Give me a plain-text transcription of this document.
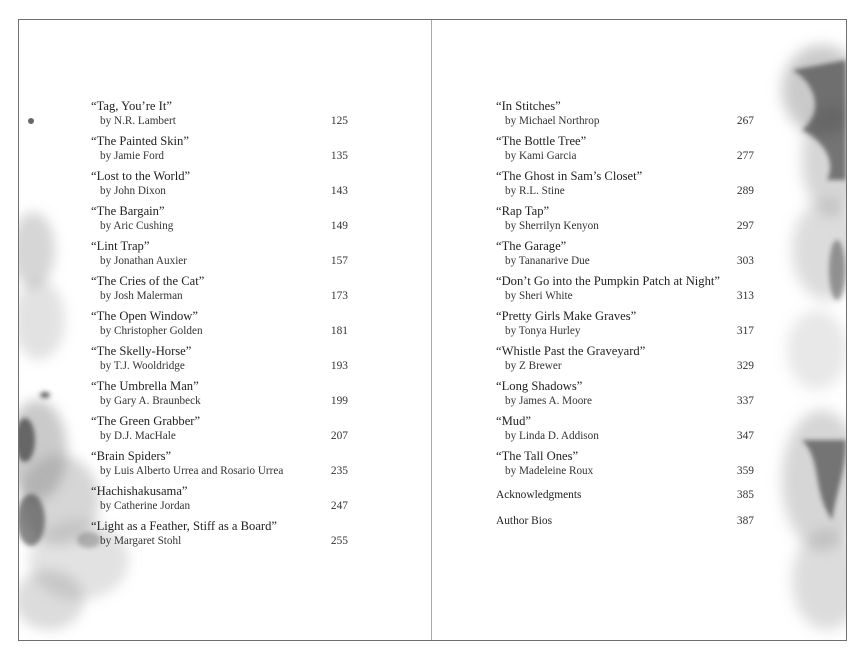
“Tag, You’re It”
by N.R. Lambert	125
“The Painted Skin”
by Jamie Ford	135
“Lost to the World”
by John Dixon	143
“The Bargain”
by Aric Cushing	149
“Lint Trap”
by Jonathan Auxier	157
“The Cries of the Cat”
by Josh Malerman	173
“The Open Window”
by Christopher Golden	181
“The Skelly-Horse”
by T.J. Wooldridge	193
“The Umbrella Man”
by Gary A. Braunbeck	199
“The Green Grabber”
by D.J. MacHale	207
“Brain Spiders”
by Luis Alberto Urrea and Rosario Urrea	235
“Hachishakusama”
by Catherine Jordan	247
“Light as a Feather, Stiff as a Board”
by Margaret Stohl	255
“In Stitches”
by Michael Northrop	267
“The Bottle Tree”
by Kami Garcia	277
“The Ghost in Sam’s Closet”
by R.L. Stine	289
“Rap Tap”
by Sherrilyn Kenyon	297
“The Garage”
by Tananarive Due	303
“Don’t Go into the Pumpkin Patch at Night”
by Sheri White	313
“Pretty Girls Make Graves”
by Tonya Hurley	317
“Whistle Past the Graveyard”
by Z Brewer	329
“Long Shadows”
by James A. Moore	337
“Mud”
by Linda D. Addison	347
“The Tall Ones”
by Madeleine Roux	359
Acknowledgments	385
Author Bios	387
